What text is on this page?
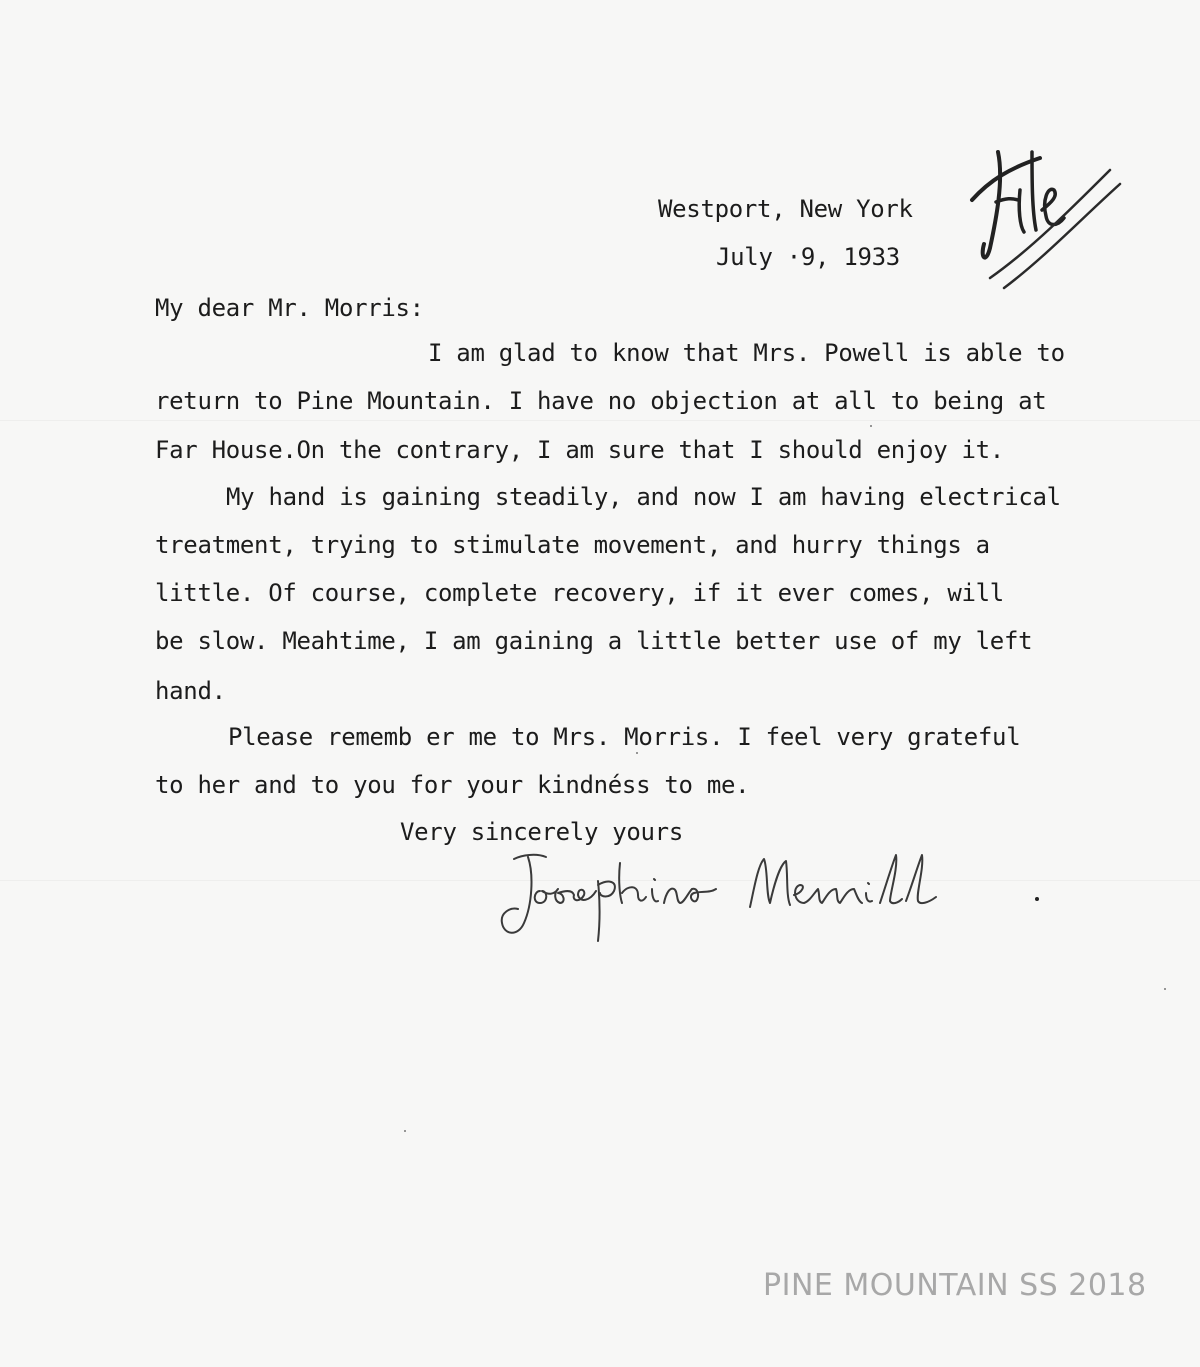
Westport, New York
July ·9, 1933
My dear Mr. Morris:
I am glad to know that Mrs. Powell is able to
return to Pine Mountain. I have no objection at all to being at
Far House.On the contrary, I am sure that I should enjoy it.
My hand is gaining steadily, and now I am having electrical
treatment, trying to stimulate movement, and hurry things a
little. Of course, complete recovery, if it ever comes, will
be slow. Meahtime, I am gaining a little better use of my left
hand.
Please rememb er me to Mrs. Morris. I feel very grateful
to her and to you for your kindnéss to me.
Very sincerely yours
PINE MOUNTAIN SS 2018
